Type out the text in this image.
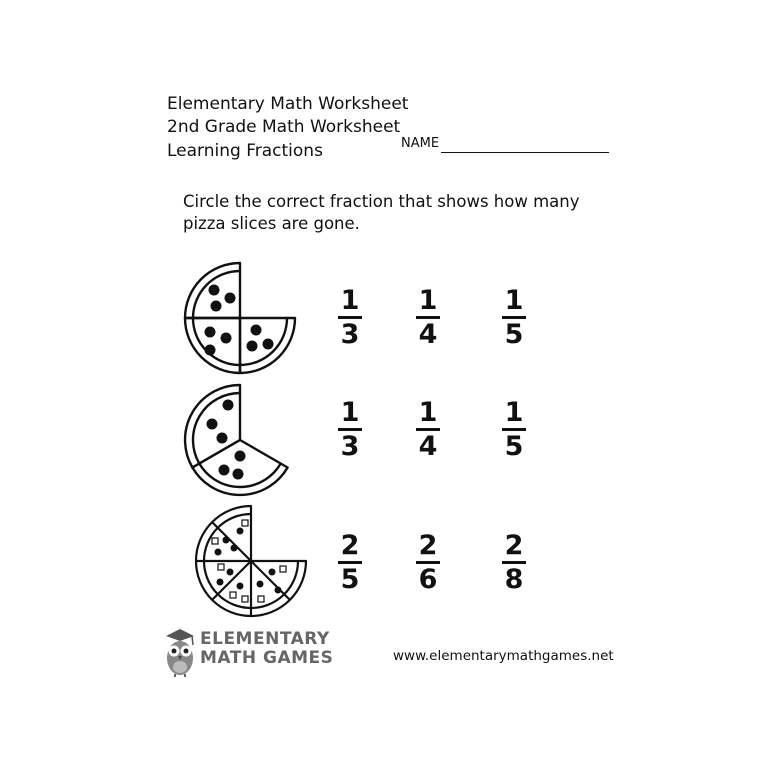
Elementary Math Worksheet
2nd Grade Math Worksheet
Learning Fractions	NAME
Circle the correct fraction that shows how many pizza slices are gone.
1
3
1
4
1
5
1
3
1
4
1
5
2
5
2
6
2
8
ELEMENTARY
MATH GAMES	www.elementarymathgames.net
